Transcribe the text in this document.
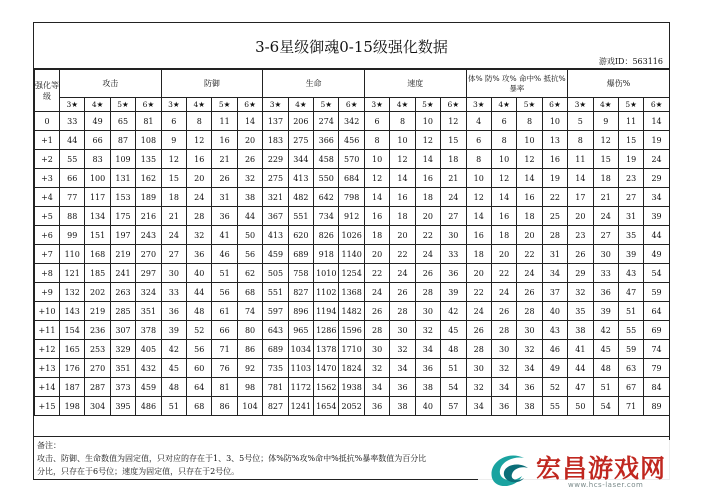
3-6星级御魂0-15级强化数据
游戏ID：563116
强化等级	攻击				防御				生命				速度				体% 防% 攻% 命中% 抵抗% 暴率				爆伤%			
	3★	4★	5★	6★	3★	4★	5★	6★	3★	4★	5★	6★	3★	4★	5★	6★	3★	4★	5★	6★	3★	4★	5★	6★
0	33	49	65	81	6	8	11	14	137	206	274	342	6	8	10	12	4	6	8	10	5	9	11	14
+1	44	66	87	108	9	12	16	20	183	275	366	456	8	10	12	15	6	8	10	13	8	12	15	19
+2	55	83	109	135	12	16	21	26	229	344	458	570	10	12	14	18	8	10	12	16	11	15	19	24
+3	66	100	131	162	15	20	26	32	275	413	550	684	12	14	16	21	10	12	14	19	14	18	23	29
+4	77	117	153	189	18	24	31	38	321	482	642	798	14	16	18	24	12	14	16	22	17	21	27	34
+5	88	134	175	216	21	28	36	44	367	551	734	912	16	18	20	27	14	16	18	25	20	24	31	39
+6	99	151	197	243	24	32	41	50	413	620	826	1026	18	20	22	30	16	18	20	28	23	27	35	44
+7	110	168	219	270	27	36	46	56	459	689	918	1140	20	22	24	33	18	20	22	31	26	30	39	49
+8	121	185	241	297	30	40	51	62	505	758	1010	1254	22	24	26	36	20	22	24	34	29	33	43	54
+9	132	202	263	324	33	44	56	68	551	827	1102	1368	24	26	28	39	22	24	26	37	32	36	47	59
+10	143	219	285	351	36	48	61	74	597	896	1194	1482	26	28	30	42	24	26	28	40	35	39	51	64
+11	154	236	307	378	39	52	66	80	643	965	1286	1596	28	30	32	45	26	28	30	43	38	42	55	69
+12	165	253	329	405	42	56	71	86	689	1034	1378	1710	30	32	34	48	28	30	32	46	41	45	59	74
+13	176	270	351	432	45	60	76	92	735	1103	1470	1824	32	34	36	51	30	32	34	49	44	48	63	79
+14	187	287	373	459	48	64	81	98	781	1172	1562	1938	34	36	38	54	32	34	36	52	47	51	67	84
+15	198	304	395	486	51	68	86	104	827	1241	1654	2052	36	38	40	57	34	36	38	55	50	54	71	89
备注：
攻击、防御、生命数值为固定值，只对应的存在于1、3、5号位；体%防%攻%命中%抵抗%暴率数值为百分比
分比，只存在于6号位；速度为固定值，只存在于2号位。	宏昌游戏网
www.hcs-laser.com
